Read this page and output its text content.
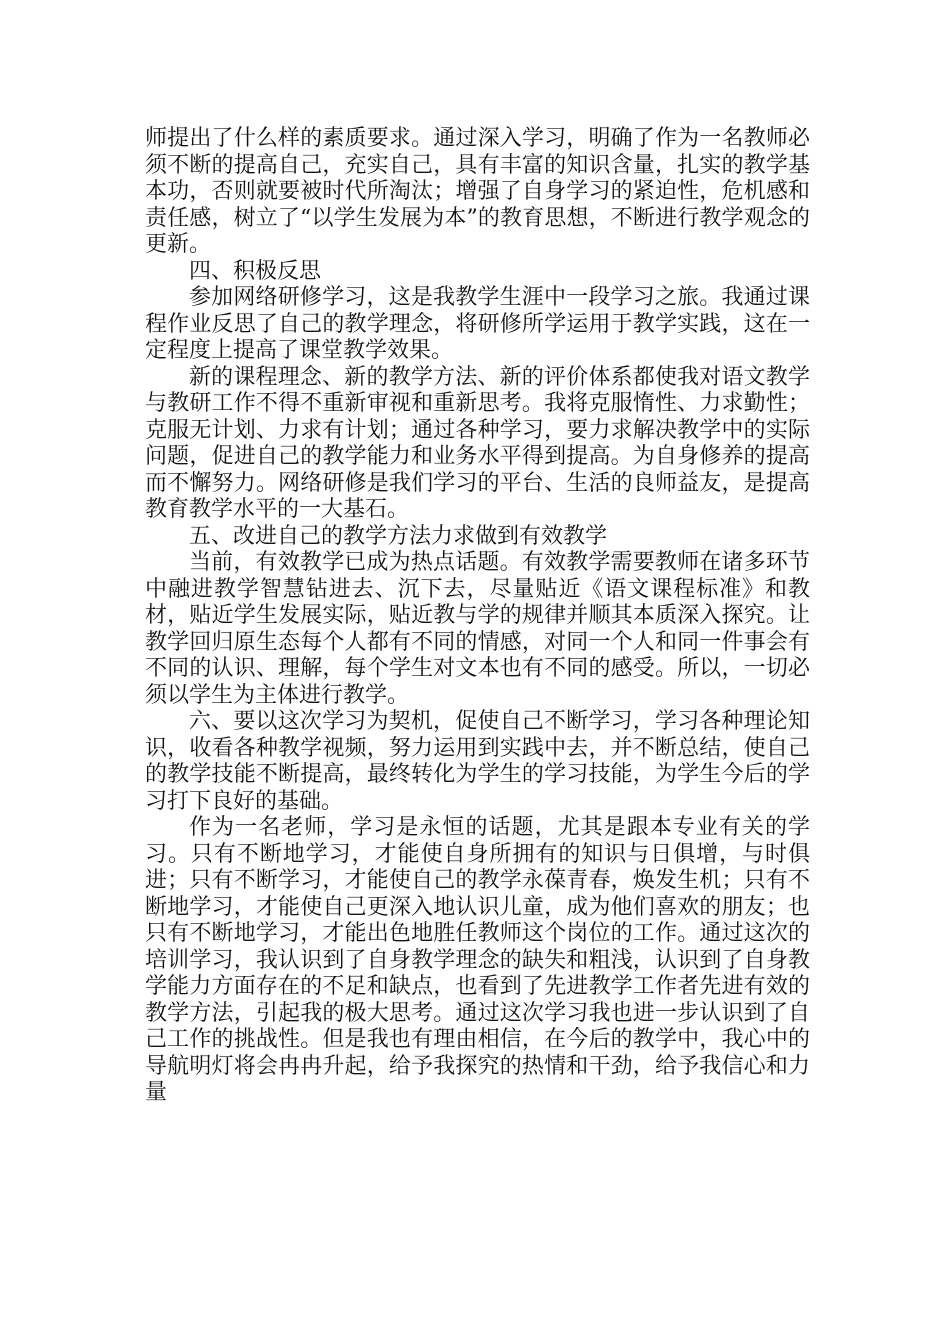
师提出了什么样的素质要求。通过深入学习，明确了作为一名教师必须不断的提高自己，充实自己，具有丰富的知识含量，扎实的教学基本功，否则就要被时代所淘汰；增强了自身学习的紧迫性，危机感和责任感，树立了“以学生发展为本”的教育思想，不断进行教学观念的更新。

四、积极反思

参加网络研修学习，这是我教学生涯中一段学习之旅。我通过课程作业反思了自己的教学理念，将研修所学运用于教学实践，这在一定程度上提高了课堂教学效果。

新的课程理念、新的教学方法、新的评价体系都使我对语文教学与教研工作不得不重新审视和重新思考。我将克服惰性、力求勤性；克服无计划、力求有计划；通过各种学习，要力求解决教学中的实际问题，促进自己的教学能力和业务水平得到提高。为自身修养的提高而不懈努力。网络研修是我们学习的平台、生活的良师益友，是提高教育教学水平的一大基石。

五、改进自己的教学方法力求做到有效教学

当前，有效教学已成为热点话题。有效教学需要教师在诸多环节中融进教学智慧钻进去、沉下去，尽量贴近《语文课程标准》和教材，贴近学生发展实际，贴近教与学的规律并顺其本质深入探究。让教学回归原生态每个人都有不同的情感，对同一个人和同一件事会有不同的认识、理解，每个学生对文本也有不同的感受。所以，一切必须以学生为主体进行教学。

六、要以这次学习为契机，促使自己不断学习，学习各种理论知识，收看各种教学视频，努力运用到实践中去，并不断总结，使自己的教学技能不断提高，最终转化为学生的学习技能，为学生今后的学习打下良好的基础。

作为一名老师，学习是永恒的话题，尤其是跟本专业有关的学习。只有不断地学习，才能使自身所拥有的知识与日俱增，与时俱进；只有不断学习，才能使自己的教学永葆青春，焕发生机；只有不断地学习，才能使自己更深入地认识儿童，成为他们喜欢的朋友；也只有不断地学习，才能出色地胜任教师这个岗位的工作。通过这次的培训学习，我认识到了自身教学理念的缺失和粗浅，认识到了自身教学能力方面存在的不足和缺点，也看到了先进教学工作者先进有效的教学方法，引起我的极大思考。通过这次学习我也进一步认识到了自己工作的挑战性。但是我也有理由相信，在今后的教学中，我心中的导航明灯将会冉冉升起，给予我探究的热情和干劲，给予我信心和力量
